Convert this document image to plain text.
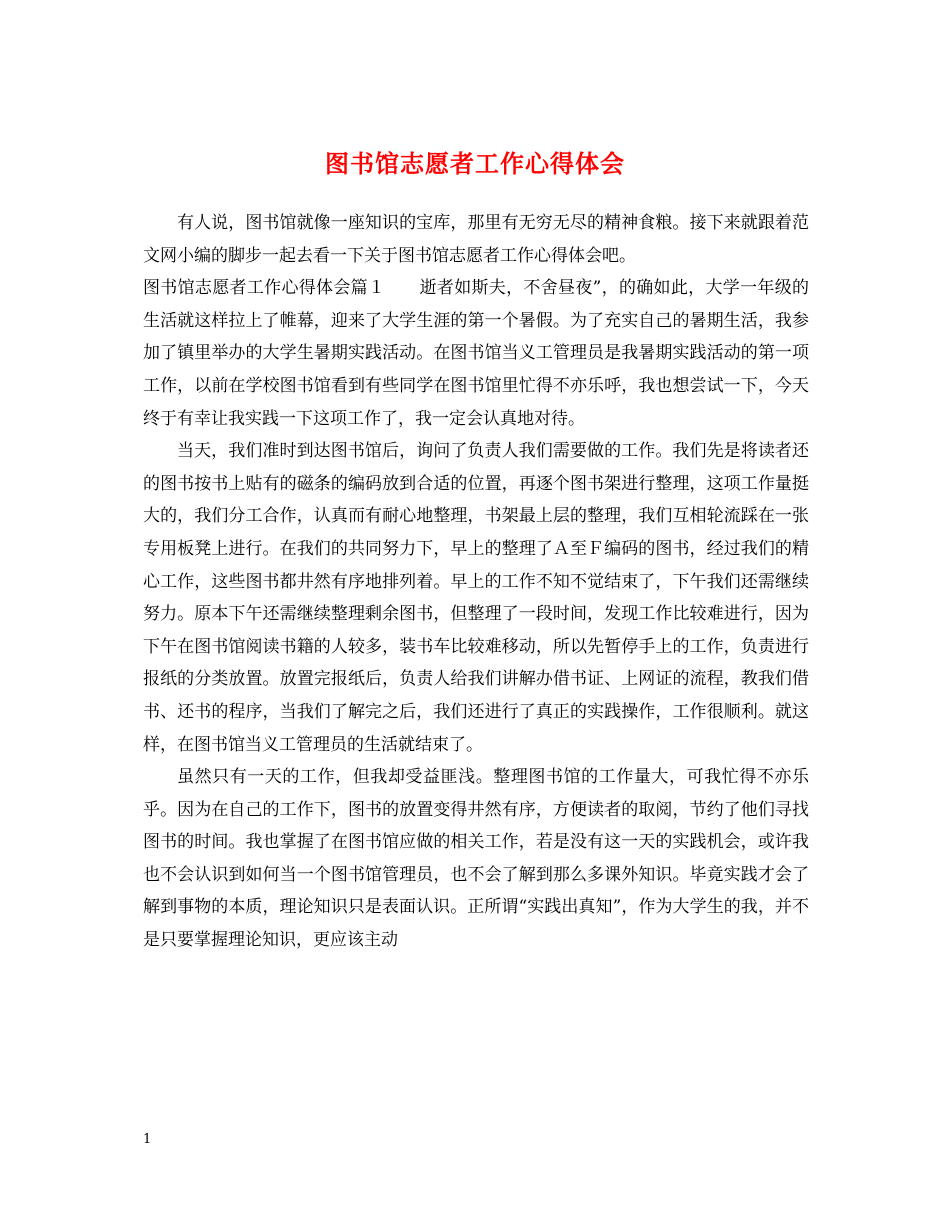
图书馆志愿者工作心得体会

有人说，图书馆就像一座知识的宝库，那里有无穷无尽的精神食粮。接下来就跟着范文网小编的脚步一起去看一下关于图书馆志愿者工作心得体会吧。

图书馆志愿者工作心得体会篇１ 逝者如斯夫，不舍昼夜”，的确如此，大学一年级的生活就这样拉上了帷幕，迎来了大学生涯的第一个暑假。为了充实自己的暑期生活，我参加了镇里举办的大学生暑期实践活动。在图书馆当义工管理员是我暑期实践活动的第一项工作，以前在学校图书馆看到有些同学在图书馆里忙得不亦乐呼，我也想尝试一下，今天终于有幸让我实践一下这项工作了，我一定会认真地对待。

当天，我们准时到达图书馆后，询问了负责人我们需要做的工作。我们先是将读者还的图书按书上贴有的磁条的编码放到合适的位置，再逐个图书架进行整理，这项工作量挺大的，我们分工合作，认真而有耐心地整理，书架最上层的整理，我们互相轮流踩在一张专用板凳上进行。在我们的共同努力下，早上的整理了Ａ至Ｆ编码的图书，经过我们的精心工作，这些图书都井然有序地排列着。早上的工作不知不觉结束了，下午我们还需继续努力。原本下午还需继续整理剩余图书，但整理了一段时间，发现工作比较难进行，因为下午在图书馆阅读书籍的人较多，装书车比较难移动，所以先暂停手上的工作，负责进行报纸的分类放置。放置完报纸后，负责人给我们讲解办借书证、上网证的流程，教我们借书、还书的程序，当我们了解完之后，我们还进行了真正的实践操作，工作很顺利。就这样，在图书馆当义工管理员的生活就结束了。

虽然只有一天的工作，但我却受益匪浅。整理图书馆的工作量大，可我忙得不亦乐乎。因为在自己的工作下，图书的放置变得井然有序，方便读者的取阅，节约了他们寻找图书的时间。我也掌握了在图书馆应做的相关工作，若是没有这一天的实践机会，或许我也不会认识到如何当一个图书馆管理员，也不会了解到那么多课外知识。毕竟实践才会了解到事物的本质，理论知识只是表面认识。正所谓“实践出真知”，作为大学生的我，并不是只要掌握理论知识，更应该主动

1
